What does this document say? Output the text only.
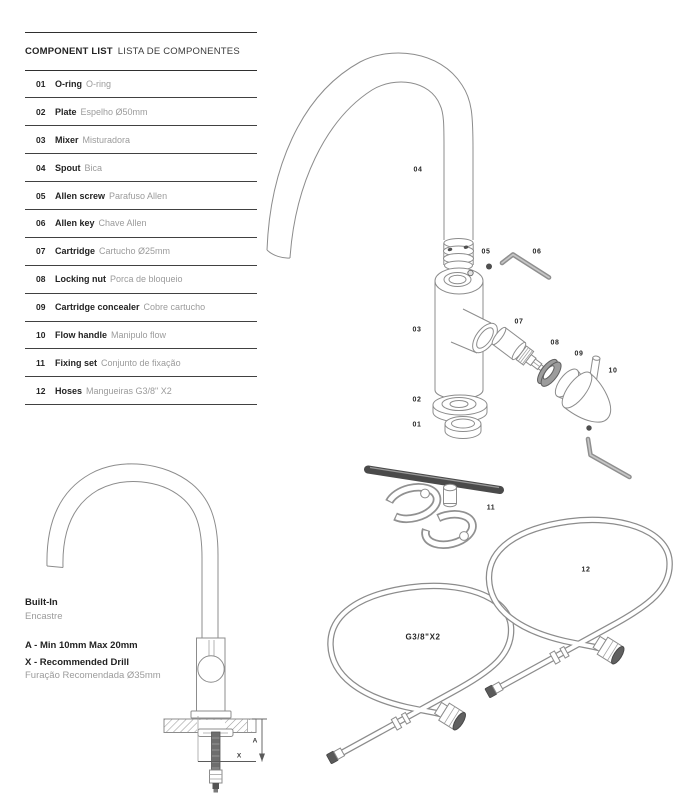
COMPONENT LIST LISTA DE COMPONENTES
01	O-ring O-ring
02	Plate Espelho Ø50mm
03	Mixer Misturadora
04	Spout Bica
05	Allen screw Parafuso Allen
06	Allen key Chave Allen
07	Cartridge Cartucho Ø25mm
08	Locking nut Porca de bloqueio
09	Cartridge concealer Cobre cartucho
10	Flow handle Manipulo flow
11	Fixing set Conjunto de fixação
12	Hoses Mangueiras G3/8" X2
Built-In
Encastre
A - Min 10mm Max 20mm
X - Recommended Drill
Furação Recomendada Ø35mm
04
05	06
03
07
08
09
10
02
01
11
12
G3/8"X2
A
X
